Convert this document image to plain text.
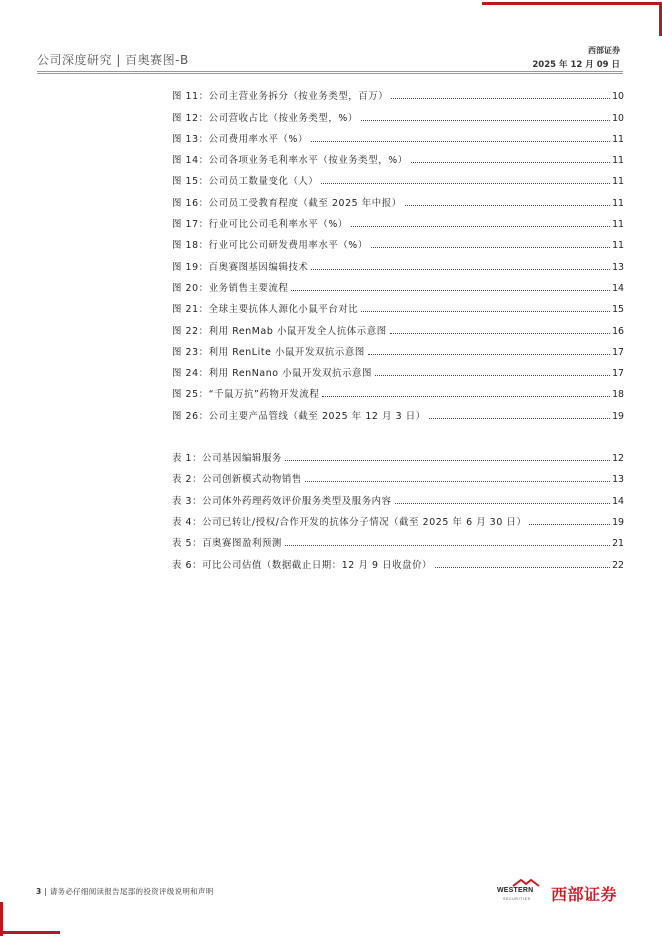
公司深度研究 | 百奥赛图-B
西部证券
2025 年 12 月 09 日
图 11：公司主营业务拆分（按业务类型，百万）	10
图 12：公司营收占比（按业务类型，%）	10
图 13：公司费用率水平（%）	11
图 14：公司各项业务毛利率水平（按业务类型，%）	11
图 15：公司员工数量变化（人）	11
图 16：公司员工受教育程度（截至 2025 年中报）	11
图 17：行业可比公司毛利率水平（%）	11
图 18：行业可比公司研发费用率水平（%）	11
图 19：百奥赛图基因编辑技术	13
图 20：业务销售主要流程	14
图 21：全球主要抗体人源化小鼠平台对比	15
图 22：利用 RenMab 小鼠开发全人抗体示意图	16
图 23：利用 RenLite 小鼠开发双抗示意图	17
图 24：利用 RenNano 小鼠开发双抗示意图	17
图 25：“千鼠万抗”药物开发流程	18
图 26：公司主要产品管线（截至 2025 年 12 月 3 日）	19
表 1：公司基因编辑服务	12
表 2：公司创新模式动物销售	13
表 3：公司体外药理药效评价服务类型及服务内容	14
表 4：公司已转让/授权/合作开发的抗体分子情况（截至 2025 年 6 月 30 日）	19
表 5：百奥赛图盈利预测	21
表 6：可比公司估值（数据截止日期：12 月 9 日收盘价）	22
3 | 请务必仔细阅读报告尾部的投资评级说明和声明	WESTERN
SECURITIES 西部证券
